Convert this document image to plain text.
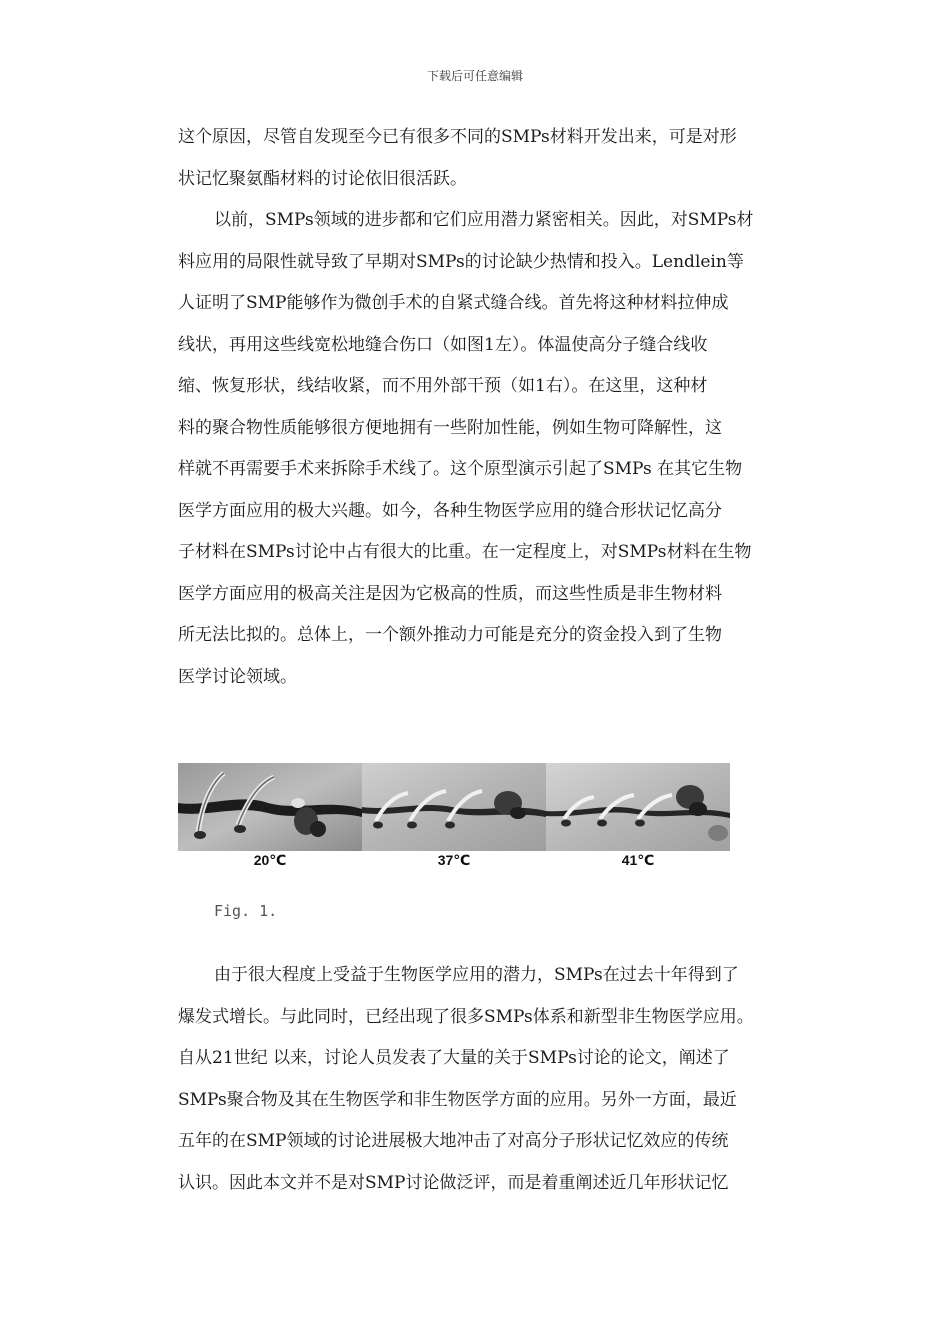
下载后可任意编辑

这个原因，尽管自发现至今已有很多不同的SMPs材料开发出来，可是对形
状记忆聚氨酯材料的讨论依旧很活跃。

以前，SMPs领域的进步都和它们应用潜力紧密相关。因此，对SMPs材
料应用的局限性就导致了早期对SMPs的讨论缺少热情和投入。Lendlein等
人证明了SMP能够作为微创手术的自紧式缝合线。首先将这种材料拉伸成
线状，再用这些线宽松地缝合伤口（如图1左）。体温使高分子缝合线收
缩、恢复形状，线结收紧，而不用外部干预（如1右）。在这里，这种材
料的聚合物性质能够很方便地拥有一些附加性能，例如生物可降解性，这
样就不再需要手术来拆除手术线了。这个原型演示引起了SMPs 在其它生物
医学方面应用的极大兴趣。如今，各种生物医学应用的缝合形状记忆高分
子材料在SMPs讨论中占有很大的比重。在一定程度上，对SMPs材料在生物
医学方面应用的极高关注是因为它极高的性质，而这些性质是非生物材料
所无法比拟的。总体上，一个额外推动力可能是充分的资金投入到了生物
医学讨论领域。

20℃	37℃	41℃
Fig. 1.

由于很大程度上受益于生物医学应用的潜力，SMPs在过去十年得到了
爆发式增长。与此同时，已经出现了很多SMPs体系和新型非生物医学应用。
自从21世纪 以来，讨论人员发表了大量的关于SMPs讨论的论文，阐述了
SMPs聚合物及其在生物医学和非生物医学方面的应用。另外一方面，最近
五年的在SMP领域的讨论进展极大地冲击了对高分子形状记忆效应的传统
认识。因此本文并不是对SMP讨论做泛评，而是着重阐述近几年形状记忆
